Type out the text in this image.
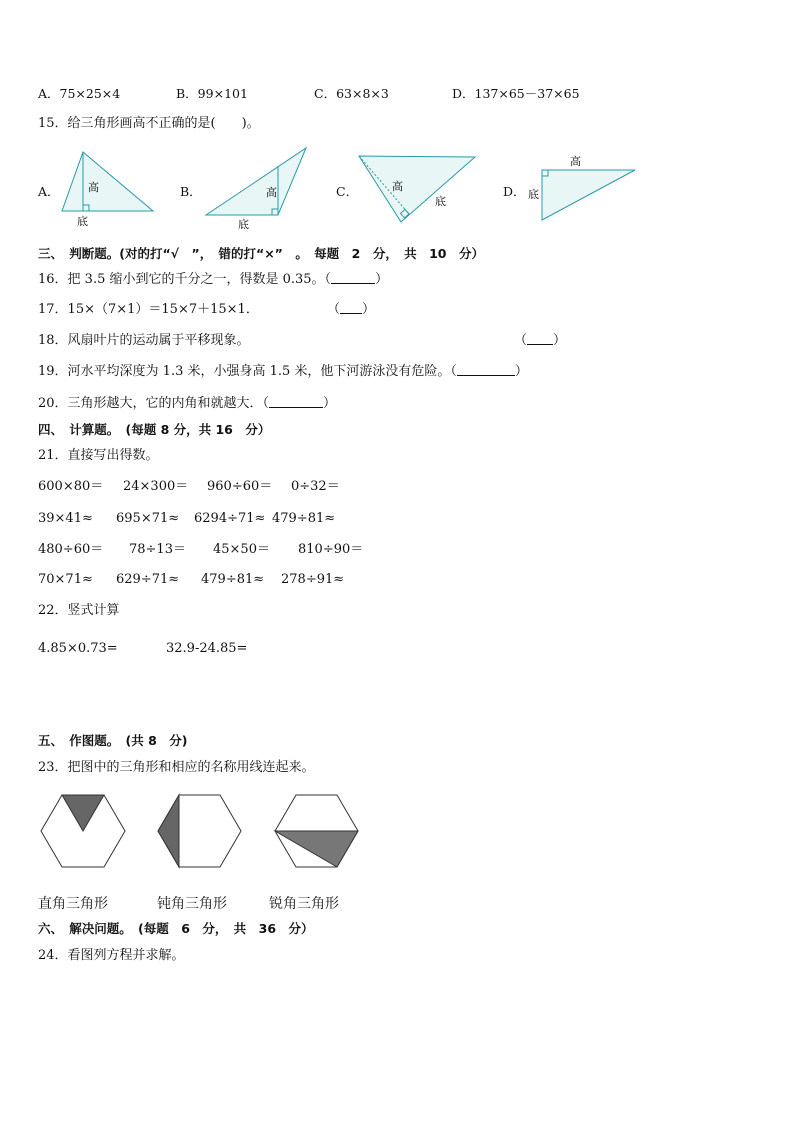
A．75×25×4	B．99×101	C．63×8×3	D．137×65－37×65
15．给三角形画高不正确的是(　　)。
A．	B．	C．	D．
高
底
高
底
高
底
高
底
三、　判断题。(对的打“√　”，　错的打“×”　。　每题　2　分，　共　10　分）
16．把 3.5 缩小到它的千分之一，得数是 0.35。（	）
17．15×（7×1）＝15×7＋15×1．	（ ）
18．风扇叶片的运动属于平移现象。	（ ）
19．河水平均深度为 1.3 米，小强身高 1.5 米，他下河游泳没有危险。（	）
20．三角形越大，它的内角和就越大．（	）
四、　计算题。　(每题 8 分，共 16　分）
21．直接写出得数。
600×80＝ 24×300＝ 960÷60＝ 0÷32＝
39×41≈ 695×71≈ 6294÷71≈ 479÷81≈
480÷60＝ 78÷13＝ 45×50＝ 810÷90＝
70×71≈ 629÷71≈ 479÷81≈ 278÷91≈
22．竖式计算
4.85×0.73=	32.9-24.85=
五、　作图题。　(共 8　分)
23．把图中的三角形和相应的名称用线连起来。
直角三角形	钝角三角形	锐角三角形
六、　解决问题。　(每题　6　分，　共　36　分）
24．看图列方程并求解。
